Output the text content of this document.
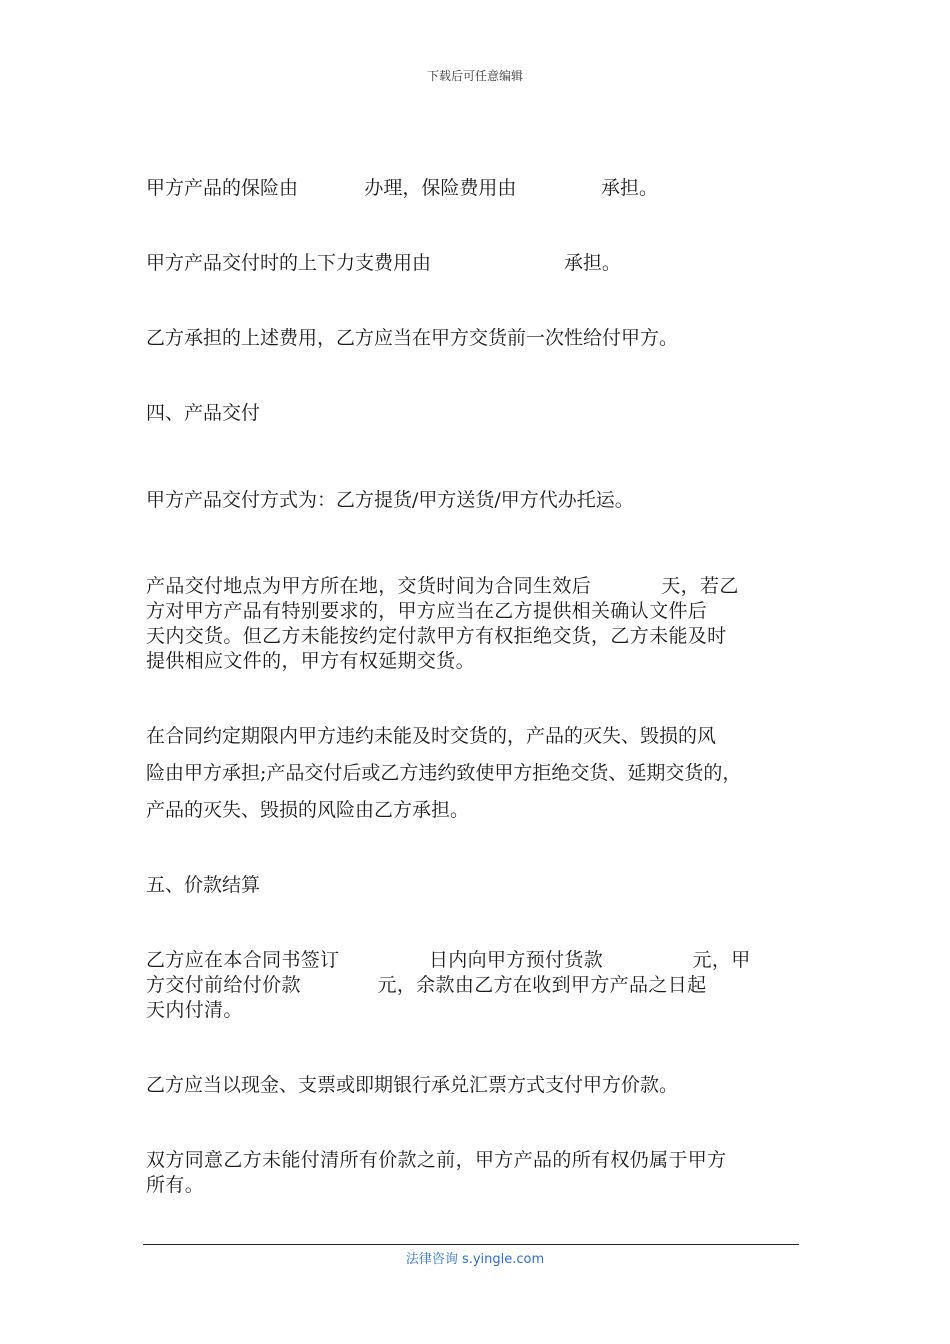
下载后可任意编辑
甲方产品的保险由           办理，保险费用由              承担。
甲方产品交付时的上下力支费用由                      承担。
乙方承担的上述费用，乙方应当在甲方交货前一次性给付甲方。
四、产品交付
甲方产品交付方式为：乙方提货/甲方送货/甲方代办托运。
产品交付地点为甲方所在地，交货时间为合同生效后           天，若乙
方对甲方产品有特别要求的，甲方应当在乙方提供相关确认文件后
天内交货。但乙方未能按约定付款甲方有权拒绝交货，乙方未能及时
提供相应文件的，甲方有权延期交货。
在合同约定期限内甲方违约未能及时交货的，产品的灭失、毁损的风
险由甲方承担;产品交付后或乙方违约致使甲方拒绝交货、延期交货的，
产品的灭失、毁损的风险由乙方承担。
五、价款结算
乙方应在本合同书签订              日内向甲方预付货款              元，甲
方交付前给付价款            元，余款由乙方在收到甲方产品之日起
天内付清。
乙方应当以现金、支票或即期银行承兑汇票方式支付甲方价款。
双方同意乙方未能付清所有价款之前，甲方产品的所有权仍属于甲方
所有。
法律咨询 s.yingle.com
